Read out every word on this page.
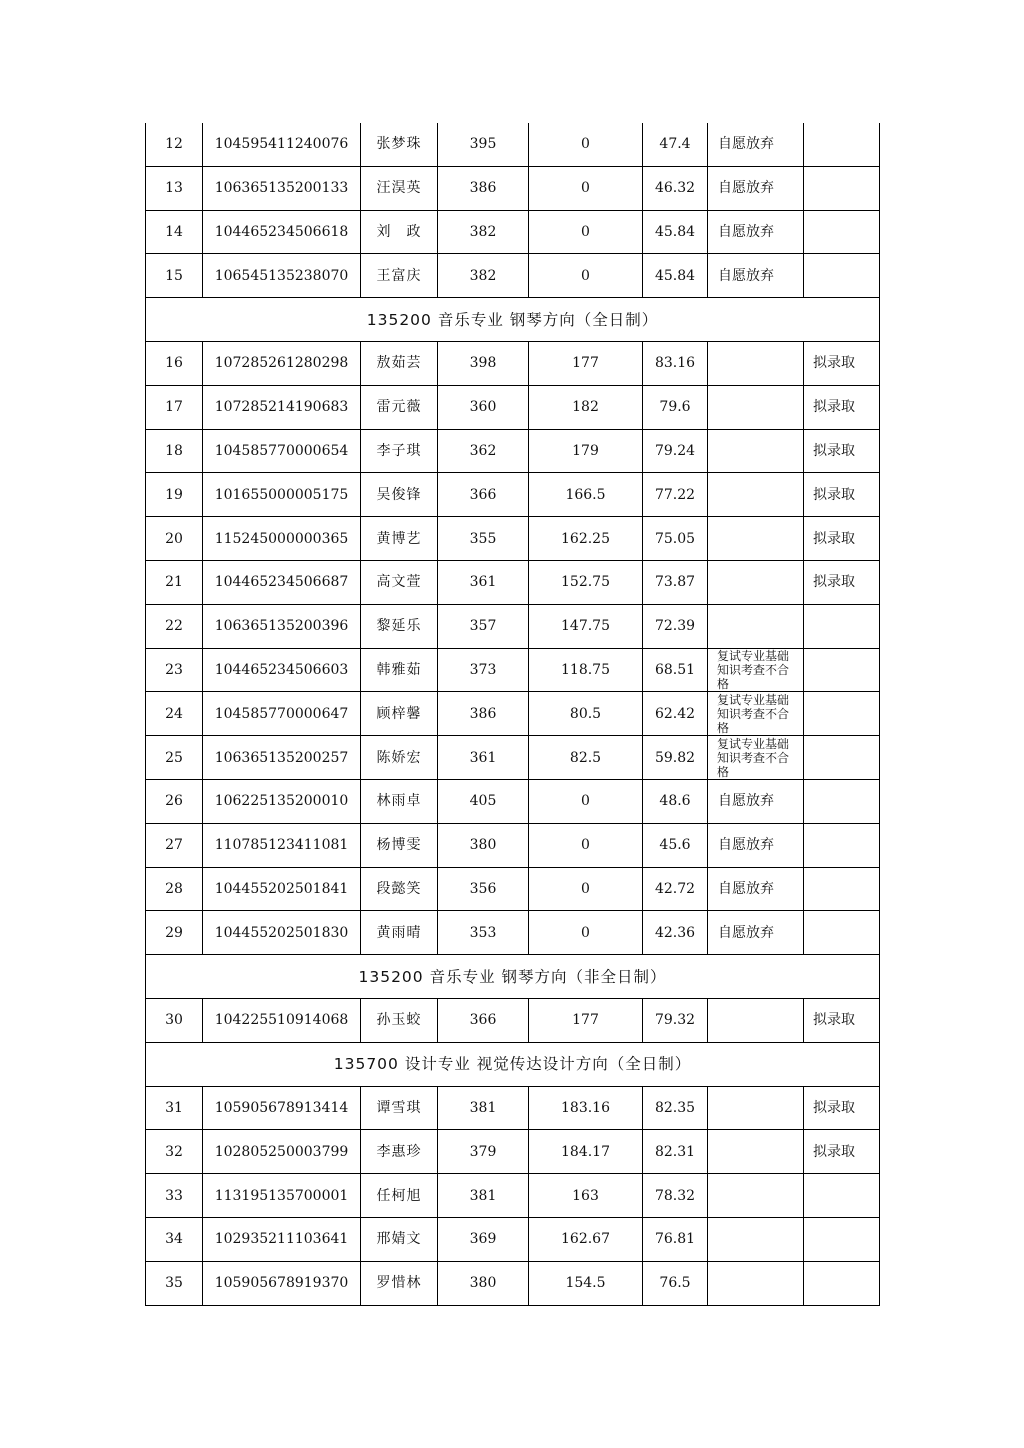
12	104595411240076	张梦珠	395	0	47.4	自愿放弃	
13	106365135200133	汪淏英	386	0	46.32	自愿放弃	
14	104465234506618	刘　政	382	0	45.84	自愿放弃	
15	106545135238070	王富庆	382	0	45.84	自愿放弃	
135200 音乐专业 钢琴方向（全日制）							
16	107285261280298	敖茹芸	398	177	83.16		拟录取
17	107285214190683	雷元薇	360	182	79.6		拟录取
18	104585770000654	李子琪	362	179	79.24		拟录取
19	101655000005175	吴俊锋	366	166.5	77.22		拟录取
20	115245000000365	黄博艺	355	162.25	75.05		拟录取
21	104465234506687	高文萱	361	152.75	73.87		拟录取
22	106365135200396	黎延乐	357	147.75	72.39		
23	104465234506603	韩雅茹	373	118.75	68.51	复试专业基础知识考查不合格	
24	104585770000647	顾梓馨	386	80.5	62.42	复试专业基础知识考查不合格	
25	106365135200257	陈娇宏	361	82.5	59.82	复试专业基础知识考查不合格	
26	106225135200010	林雨卓	405	0	48.6	自愿放弃	
27	110785123411081	杨博雯	380	0	45.6	自愿放弃	
28	104455202501841	段懿笑	356	0	42.72	自愿放弃	
29	104455202501830	黄雨晴	353	0	42.36	自愿放弃	
135200 音乐专业 钢琴方向（非全日制）							
30	104225510914068	孙玉蛟	366	177	79.32		拟录取
135700 设计专业 视觉传达设计方向（全日制）							
31	105905678913414	谭雪琪	381	183.16	82.35		拟录取
32	102805250003799	李惠珍	379	184.17	82.31		拟录取
33	113195135700001	任柯旭	381	163	78.32		
34	102935211103641	邢婧文	369	162.67	76.81		
35	105905678919370	罗惜林	380	154.5	76.5		
